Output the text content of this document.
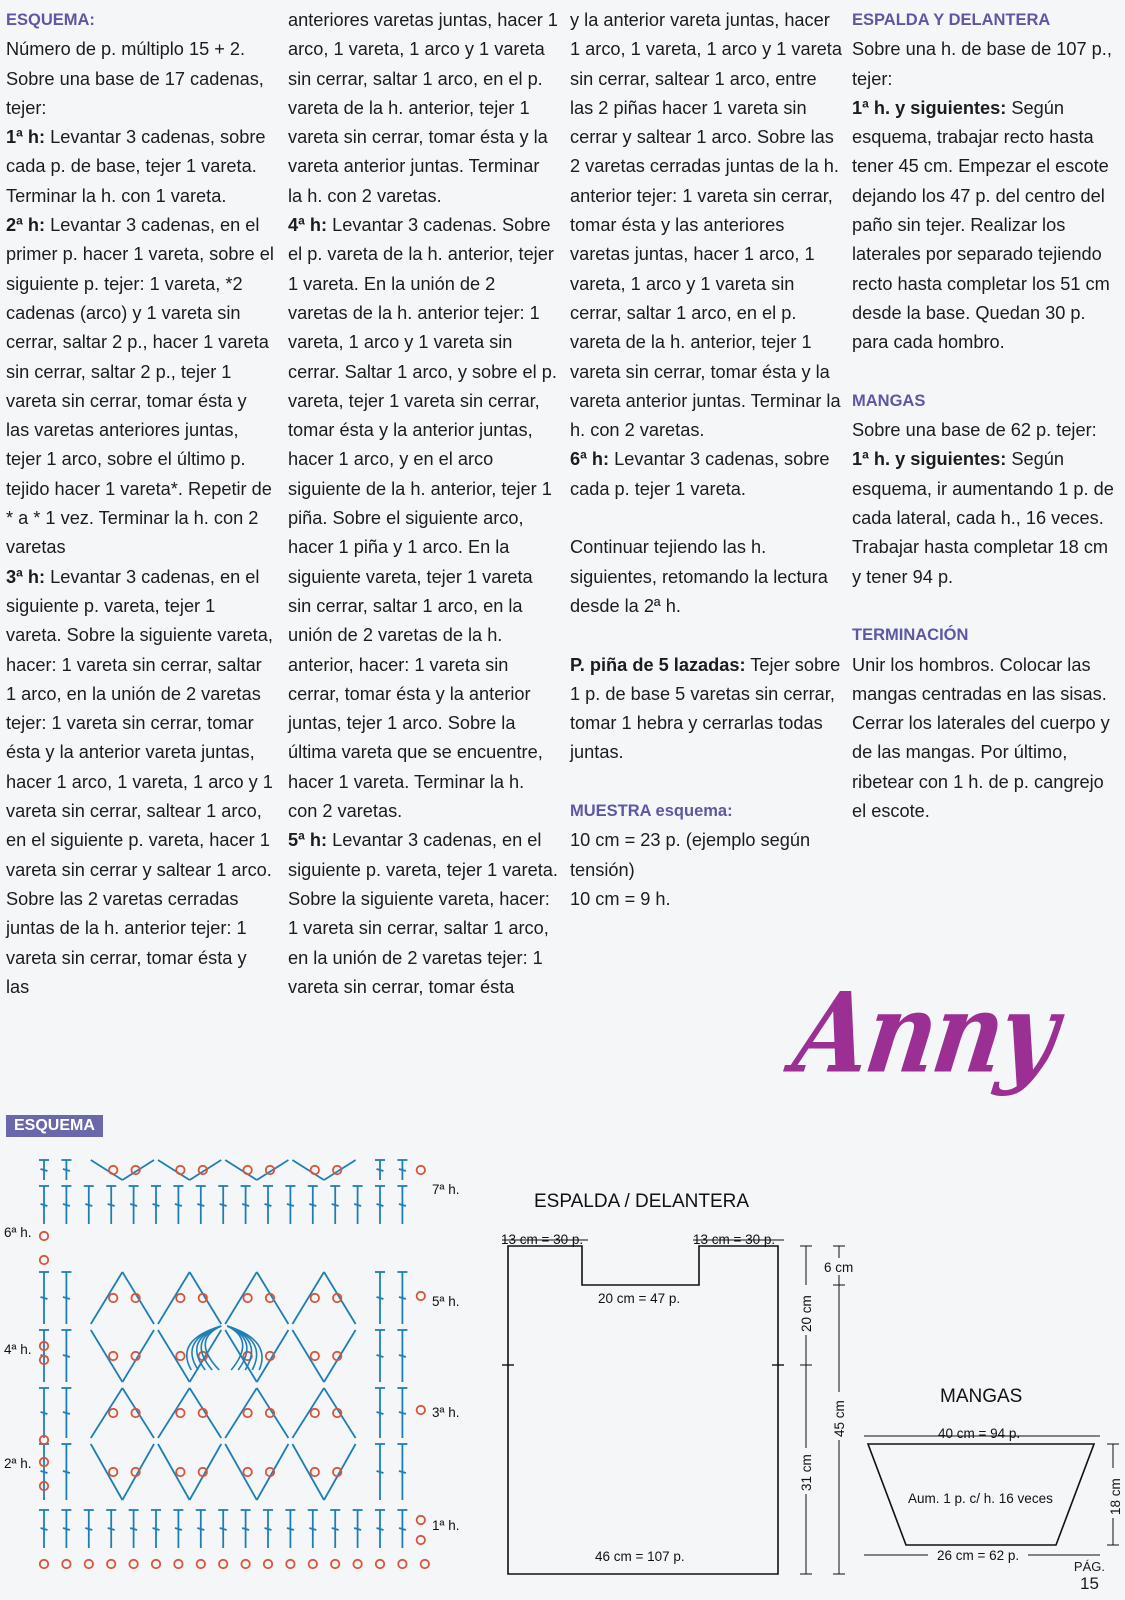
ESQUEMA:

Número de p. múltiplo 15 + 2. Sobre una base de 17 cadenas, tejer:

1ª h: Levantar 3 cadenas, sobre cada p. de base, tejer 1 vareta. Terminar la h. con 1 vareta.

2ª h: Levantar 3 cadenas, en el primer p. hacer 1 vareta, sobre el siguiente p. tejer: 1 vareta, *2 cadenas (arco) y 1 vareta sin cerrar, saltar 2 p., hacer 1 vareta sin cerrar, saltar 2 p., tejer 1 vareta sin cerrar, tomar ésta y las varetas anteriores juntas, tejer 1 arco, sobre el último p. tejido hacer 1 vareta*. Repetir de * a * 1 vez. Terminar la h. con 2 varetas

3ª h: Levantar 3 cadenas, en el siguiente p. vareta, tejer 1 vareta. Sobre la siguiente vareta, hacer: 1 vareta sin cerrar, saltar 1 arco, en la unión de 2 varetas tejer: 1 vareta sin cerrar, tomar ésta y la anterior vareta juntas, hacer 1 arco, 1 vareta, 1 arco y 1 vareta sin cerrar, saltear 1 arco, en el siguiente p. vareta, hacer 1 vareta sin cerrar y saltear 1 arco. Sobre las 2 varetas cerradas juntas de la h. anterior tejer: 1 vareta sin cerrar, tomar ésta y las

anteriores varetas juntas, hacer 1 arco, 1 vareta, 1 arco y 1 vareta sin cerrar, saltar 1 arco, en el p. vareta de la h. anterior, tejer 1 vareta sin cerrar, tomar ésta y la vareta anterior juntas. Terminar la h. con 2 varetas.

4ª h: Levantar 3 cadenas. Sobre el p. vareta de la h. anterior, tejer 1 vareta. En la unión de 2 varetas de la h. anterior tejer: 1 vareta, 1 arco y 1 vareta sin cerrar. Saltar 1 arco, y sobre el p. vareta, tejer 1 vareta sin cerrar, tomar ésta y la anterior juntas, hacer 1 arco, y en el arco siguiente de la h. anterior, tejer 1 piña. Sobre el siguiente arco, hacer 1 piña y 1 arco. En la siguiente vareta, tejer 1 vareta sin cerrar, saltar 1 arco, en la unión de 2 varetas de la h. anterior, hacer: 1 vareta sin cerrar, tomar ésta y la anterior juntas, tejer 1 arco. Sobre la última vareta que se encuentre, hacer 1 vareta. Terminar la h. con 2 varetas.

5ª h: Levantar 3 cadenas, en el siguiente p. vareta, tejer 1 vareta. Sobre la siguiente vareta, hacer: 1 vareta sin cerrar, saltar 1 arco, en la unión de 2 varetas tejer: 1 vareta sin cerrar, tomar ésta

y la anterior vareta juntas, hacer 1 arco, 1 vareta, 1 arco y 1 vareta sin cerrar, saltear 1 arco, entre las 2 piñas hacer 1 vareta sin cerrar y saltear 1 arco. Sobre las 2 varetas cerradas juntas de la h. anterior tejer: 1 vareta sin cerrar, tomar ésta y las anteriores varetas juntas, hacer 1 arco, 1 vareta, 1 arco y 1 vareta sin cerrar, saltar 1 arco, en el p. vareta de la h. anterior, tejer 1 vareta sin cerrar, tomar ésta y la vareta anterior juntas. Terminar la h. con 2 varetas.

6ª h: Levantar 3 cadenas, sobre cada p. tejer 1 vareta.

Continuar tejiendo las h. siguientes, retomando la lectura desde la 2ª h.

P. piña de 5 lazadas: Tejer sobre 1 p. de base 5 varetas sin cerrar, tomar 1 hebra y cerrarlas todas juntas.

MUESTRA esquema:

10 cm = 23 p. (ejemplo según tensión)

10 cm = 9 h.

ESPALDA Y DELANTERA

Sobre una h. de base de 107 p., tejer:

1ª h. y siguientes: Según esquema, trabajar recto hasta tener 45 cm. Empezar el escote dejando los 47 p. del centro del paño sin tejer. Realizar los laterales por separado tejiendo recto hasta completar los 51 cm desde la base. Quedan 30 p. para cada hombro.

MANGAS

Sobre una base de 62 p. tejer:

1ª h. y siguientes: Según esquema, ir aumentando 1 p. de cada lateral, cada h., 16 veces. Trabajar hasta completar 18 cm y tener 94 p.

TERMINACIÓN

Unir los hombros. Colocar las mangas centradas en las sisas. Cerrar los laterales del cuerpo y de las mangas. Por último, ribetear con 1 h. de p. cangrejo el escote.

ESQUEMA
7ª h.
6ª h.
5ª h.
4ª h.
3ª h.
2ª h.
1ª h.
ESPALDA / DELANTERA
13 cm = 30 p.	13 cm = 30 p.
20 cm = 47 p.
46 cm = 107 p.
20 cm
31 cm
6 cm
45 cm
MANGAS
40 cm = 94 p.
Aum. 1 p. c/ h. 16 veces
26 cm = 62 p.
18 cm
Anny
PÁG.
15
